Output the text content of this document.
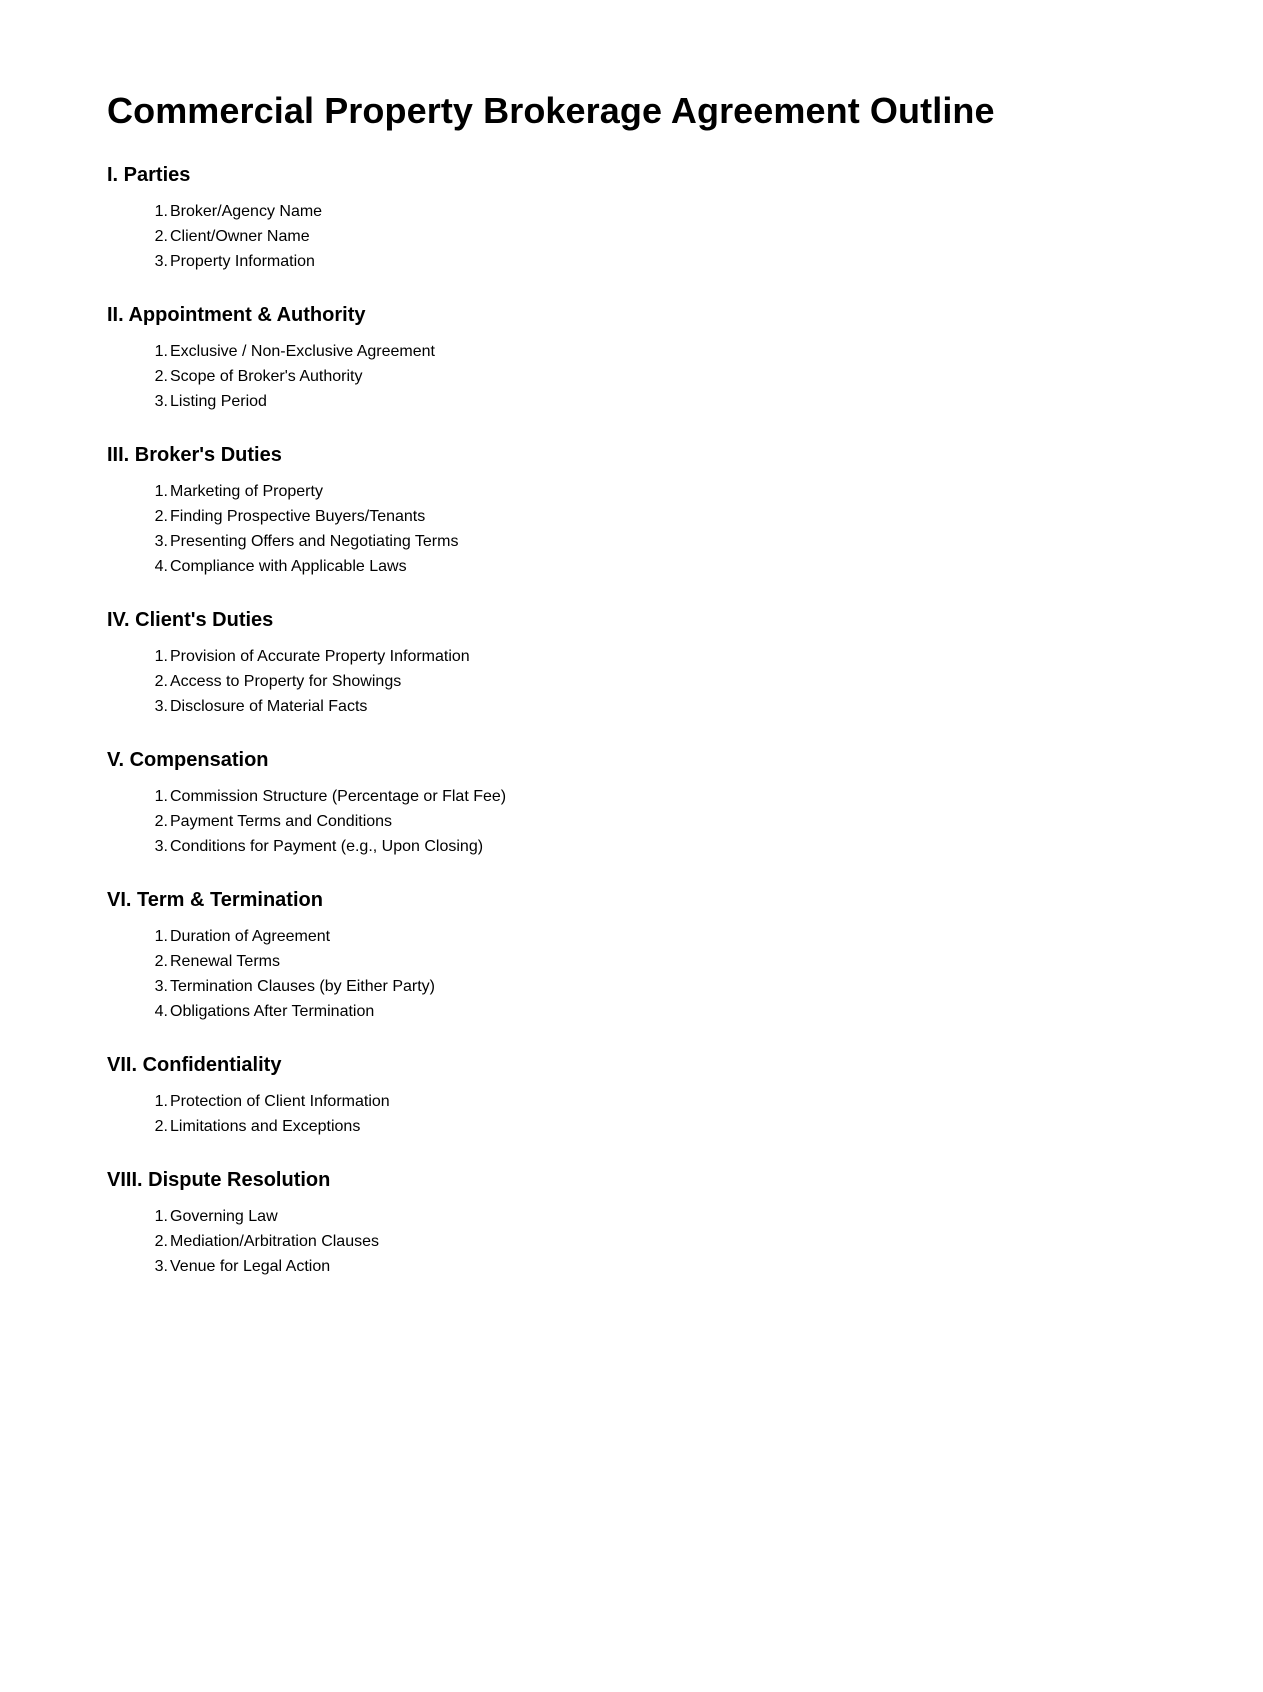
Commercial Property Brokerage Agreement Outline
I. Parties
1. Broker/Agency Name
2. Client/Owner Name
3. Property Information
II. Appointment & Authority
1. Exclusive / Non-Exclusive Agreement
2. Scope of Broker's Authority
3. Listing Period
III. Broker's Duties
1. Marketing of Property
2. Finding Prospective Buyers/Tenants
3. Presenting Offers and Negotiating Terms
4. Compliance with Applicable Laws
IV. Client's Duties
1. Provision of Accurate Property Information
2. Access to Property for Showings
3. Disclosure of Material Facts
V. Compensation
1. Commission Structure (Percentage or Flat Fee)
2. Payment Terms and Conditions
3. Conditions for Payment (e.g., Upon Closing)
VI. Term & Termination
1. Duration of Agreement
2. Renewal Terms
3. Termination Clauses (by Either Party)
4. Obligations After Termination
VII. Confidentiality
1. Protection of Client Information
2. Limitations and Exceptions
VIII. Dispute Resolution
1. Governing Law
2. Mediation/Arbitration Clauses
3. Venue for Legal Action
